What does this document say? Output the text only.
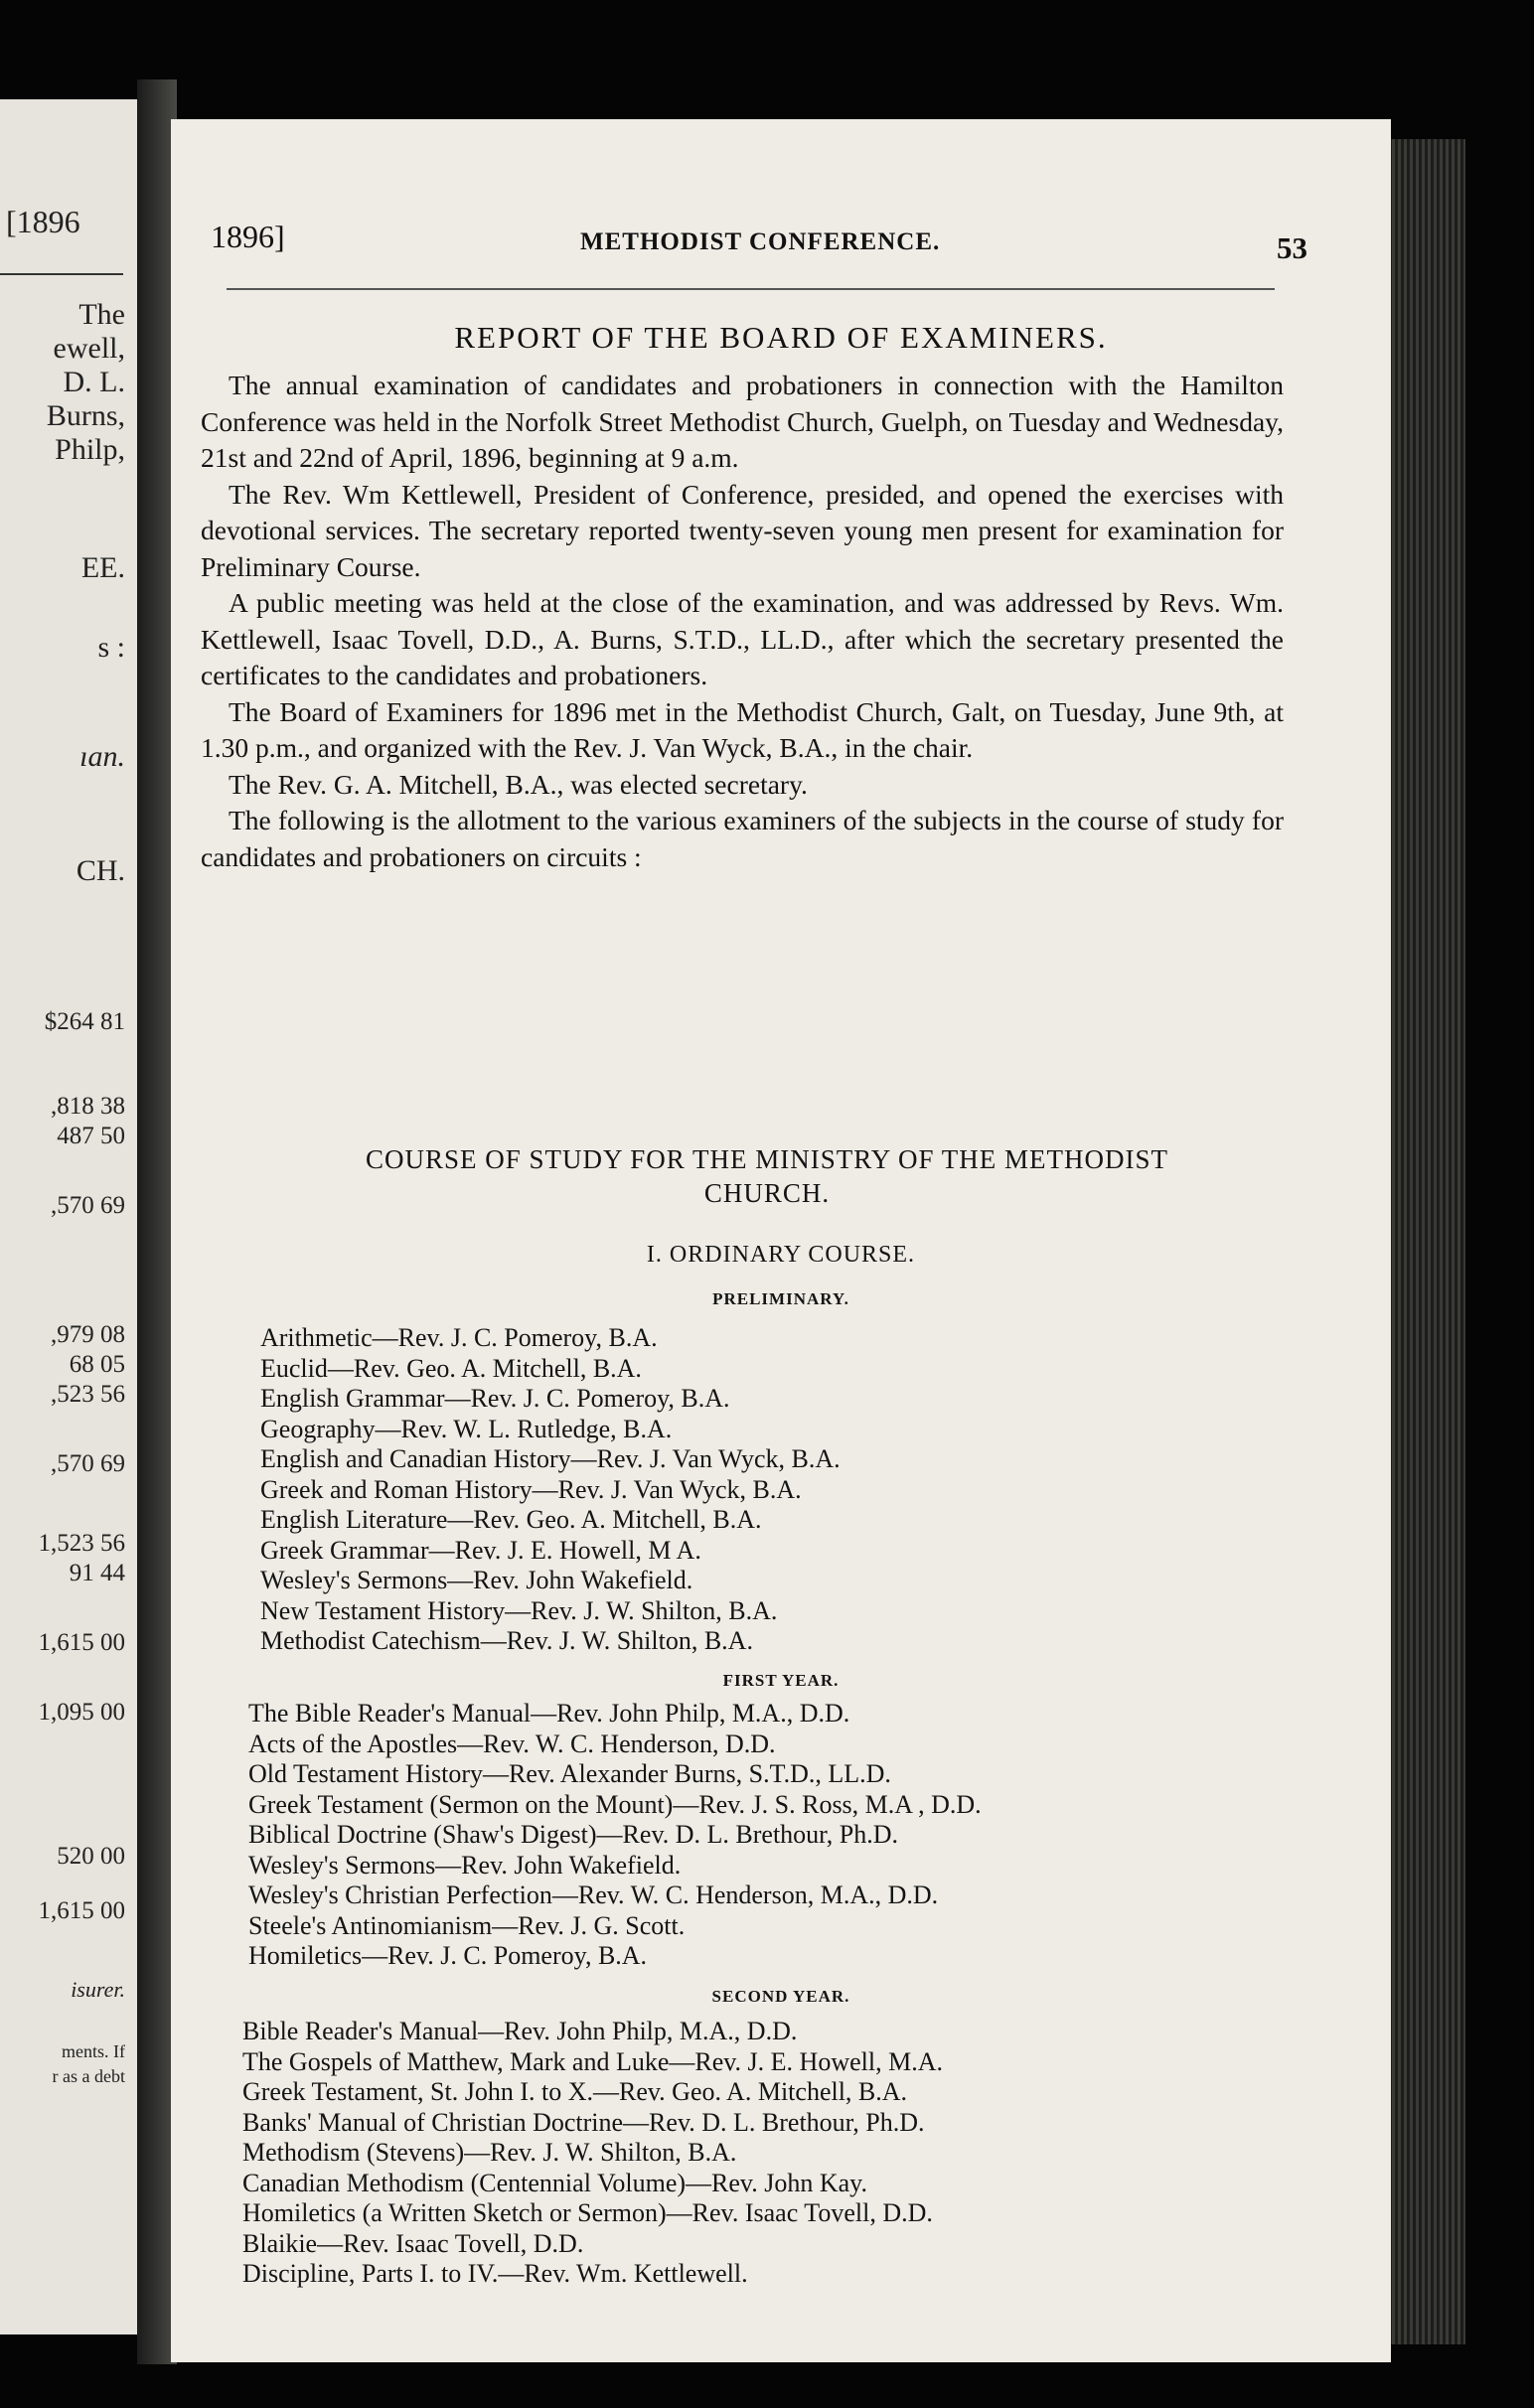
[1896
The
ewell,
D. L.
Burns,
Philp,
EE.
s :
ıan.
CH.
$264 81
,818 38
487 50
,570 69
,979 08
68 05
,523 56
,570 69
1,523 56
91 44
1,615 00
1,095 00
520 00
1,615 00
isurer.
ments. If
r as a debt
1896]	METHODIST CONFERENCE.	53
REPORT OF THE BOARD OF EXAMINERS.

The annual examination of candidates and probationers in connection with the Hamilton Conference was held in the Norfolk Street Methodist Church, Guelph, on Tuesday and Wednesday, 21st and 22nd of April, 1896, beginning at 9 a.m.

The Rev. Wm Kettlewell, President of Conference, presided, and opened the exercises with devotional services. The secretary reported twenty-seven young men present for examination for Preliminary Course.

A public meeting was held at the close of the examination, and was addressed by Revs. Wm. Kettlewell, Isaac Tovell, D.D., A. Burns, S.T.D., LL.D., after which the secretary presented the certificates to the candidates and probationers.

The Board of Examiners for 1896 met in the Methodist Church, Galt, on Tuesday, June 9th, at 1.30 p.m., and organized with the Rev. J. Van Wyck, B.A., in the chair.

The Rev. G. A. Mitchell, B.A., was elected secretary.

The following is the allotment to the various examiners of the subjects in the course of study for candidates and probationers on circuits :

COURSE OF STUDY FOR THE MINISTRY OF THE METHODIST CHURCH.
I. ORDINARY COURSE.
PRELIMINARY.
Arithmetic—Rev. J. C. Pomeroy, B.A.
Euclid—Rev. Geo. A. Mitchell, B.A.
English Grammar—Rev. J. C. Pomeroy, B.A.
Geography—Rev. W. L. Rutledge, B.A.
English and Canadian History—Rev. J. Van Wyck, B.A.
Greek and Roman History—Rev. J. Van Wyck, B.A.
English Literature—Rev. Geo. A. Mitchell, B.A.
Greek Grammar—Rev. J. E. Howell, M A.
Wesley's Sermons—Rev. John Wakefield.
New Testament History—Rev. J. W. Shilton, B.A.
Methodist Catechism—Rev. J. W. Shilton, B.A.
FIRST YEAR.
The Bible Reader's Manual—Rev. John Philp, M.A., D.D.
Acts of the Apostles—Rev. W. C. Henderson, D.D.
Old Testament History—Rev. Alexander Burns, S.T.D., LL.D.
Greek Testament (Sermon on the Mount)—Rev. J. S. Ross, M.A , D.D.
Biblical Doctrine (Shaw's Digest)—Rev. D. L. Brethour, Ph.D.
Wesley's Sermons—Rev. John Wakefield.
Wesley's Christian Perfection—Rev. W. C. Henderson, M.A., D.D.
Steele's Antinomianism—Rev. J. G. Scott.
Homiletics—Rev. J. C. Pomeroy, B.A.
SECOND YEAR.
Bible Reader's Manual—Rev. John Philp, M.A., D.D.
The Gospels of Matthew, Mark and Luke—Rev. J. E. Howell, M.A.
Greek Testament, St. John I. to X.—Rev. Geo. A. Mitchell, B.A.
Banks' Manual of Christian Doctrine—Rev. D. L. Brethour, Ph.D.
Methodism (Stevens)—Rev. J. W. Shilton, B.A.
Canadian Methodism (Centennial Volume)—Rev. John Kay.
Homiletics (a Written Sketch or Sermon)—Rev. Isaac Tovell, D.D.
Blaikie—Rev. Isaac Tovell, D.D.
Discipline, Parts I. to IV.—Rev. Wm. Kettlewell.
